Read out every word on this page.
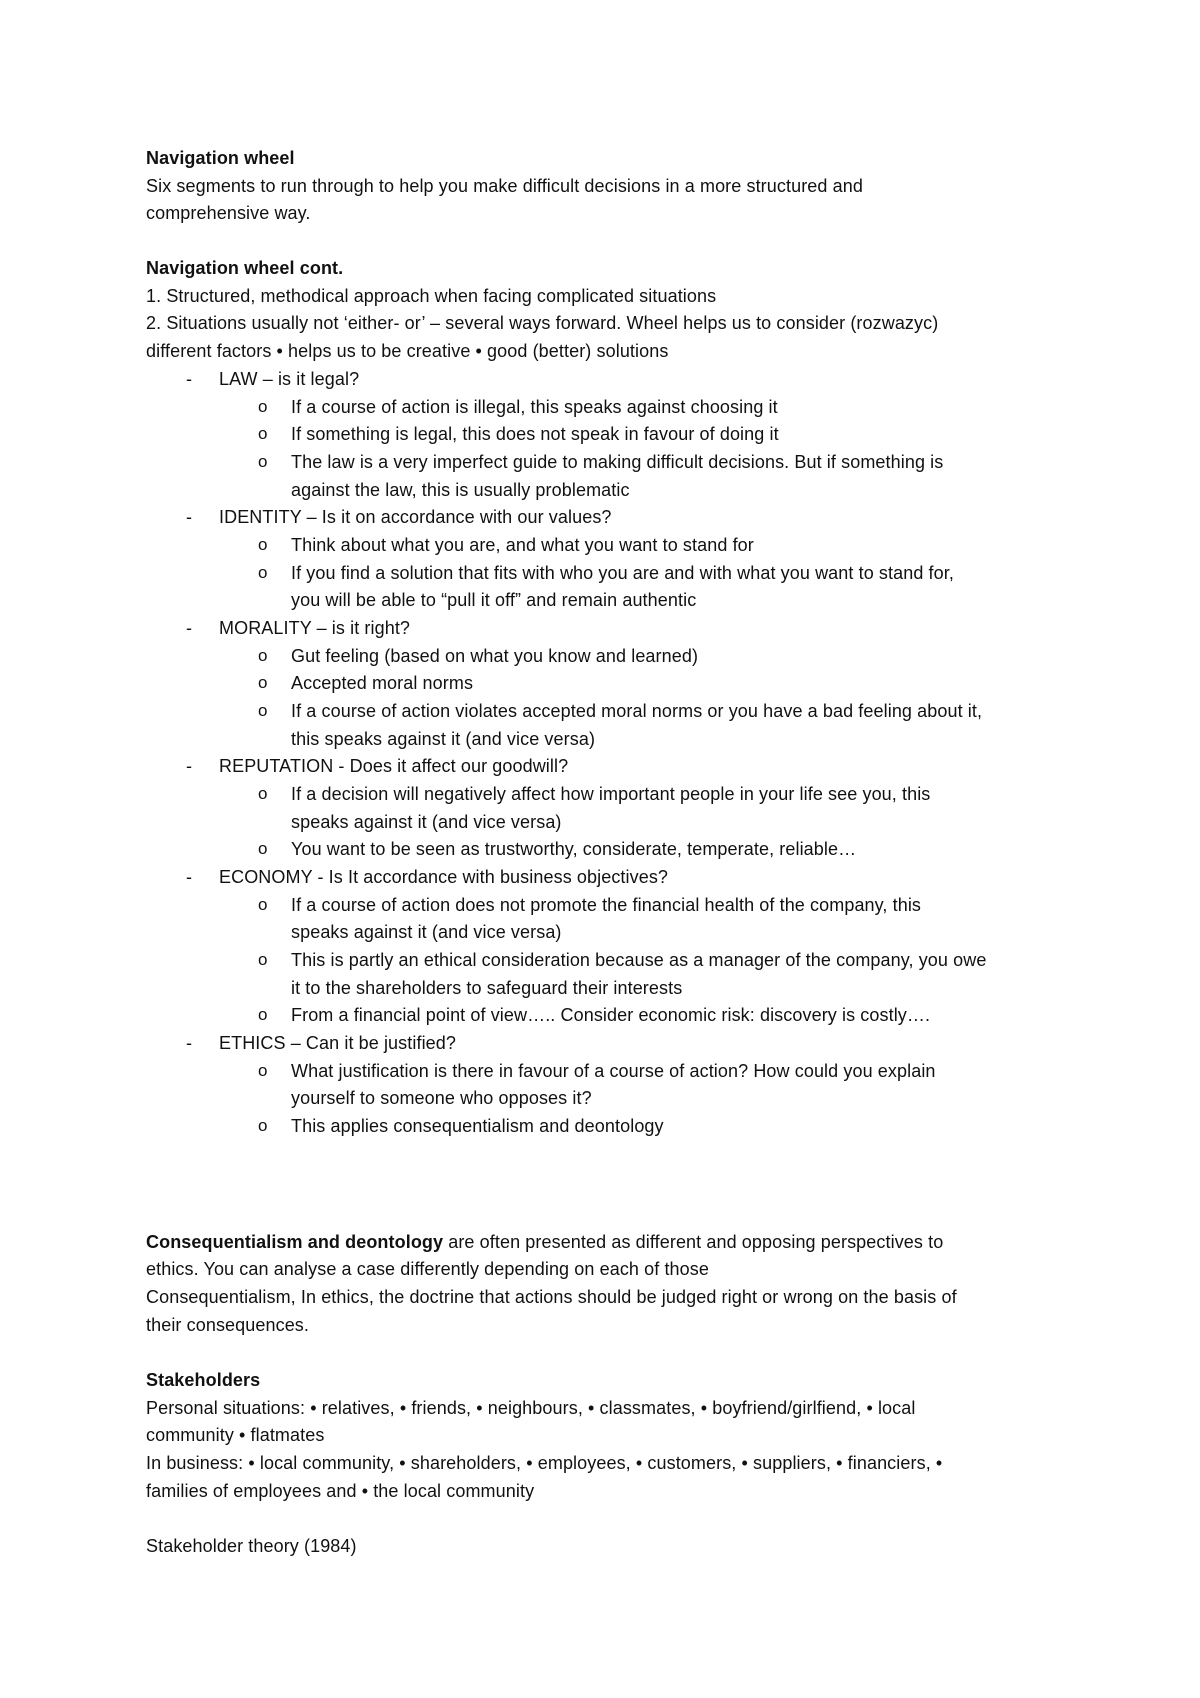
Navigation wheel
Six segments to run through to help you make difficult decisions in a more structured and
comprehensive way.
Navigation wheel cont.
1. Structured, methodical approach when facing complicated situations
2. Situations usually not ‘either- or’ – several ways forward. Wheel helps us to consider (rozwazyc)
different factors • helps us to be creative • good (better) solutions
-	LAW – is it legal?
o	If a course of action is illegal, this speaks against choosing it
o	If something is legal, this does not speak in favour of doing it
o	The law is a very imperfect guide to making difficult decisions. But if something is
against the law, this is usually problematic
-	IDENTITY – Is it on accordance with our values?
o	Think about what you are, and what you want to stand for
o	If you find a solution that fits with who you are and with what you want to stand for,
you will be able to “pull it off” and remain authentic
-	MORALITY – is it right?
o	Gut feeling (based on what you know and learned)
o	Accepted moral norms
o	If a course of action violates accepted moral norms or you have a bad feeling about it,
this speaks against it (and vice versa)
-	REPUTATION - Does it affect our goodwill?
o	If a decision will negatively affect how important people in your life see you, this
speaks against it (and vice versa)
o	You want to be seen as trustworthy, considerate, temperate, reliable…
-	ECONOMY - Is It accordance with business objectives?
o	If a course of action does not promote the financial health of the company, this
speaks against it (and vice versa)
o	This is partly an ethical consideration because as a manager of the company, you owe
it to the shareholders to safeguard their interests
o	From a financial point of view….. Consider economic risk: discovery is costly….
-	ETHICS – Can it be justified?
o	What justification is there in favour of a course of action? How could you explain
yourself to someone who opposes it?
o	This applies consequentialism and deontology
Consequentialism and deontology are often presented as different and opposing perspectives to
ethics. You can analyse a case differently depending on each of those
Consequentialism, In ethics, the doctrine that actions should be judged right or wrong on the basis of
their consequences.
Stakeholders
Personal situations: • relatives, • friends, • neighbours, • classmates, • boyfriend/girlfiend, • local
community • flatmates
In business: • local community, • shareholders, • employees, • customers, • suppliers, • financiers, •
families of employees and • the local community
Stakeholder theory (1984)
